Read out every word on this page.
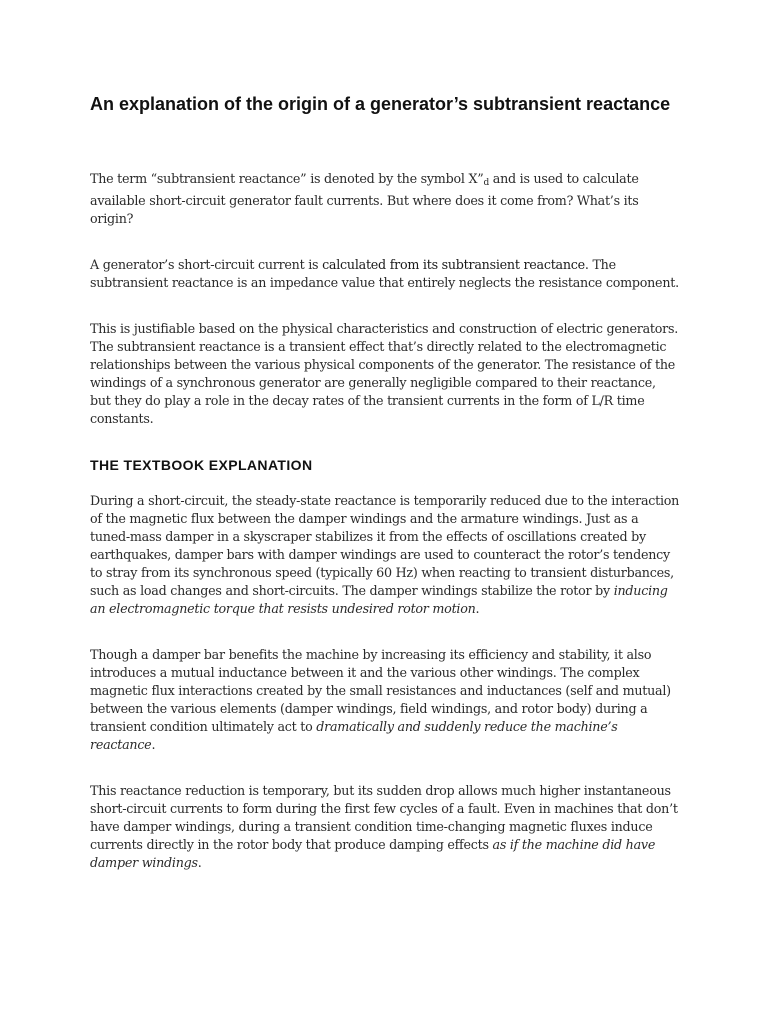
An explanation of the origin of a generator’s subtransient reactance

The term “subtransient reactance” is denoted by the symbol $X”_d$ and is used to calculate available short-circuit generator fault currents. But where does it come from? What’s its origin?

A generator’s short-circuit current is calculated from its subtransient reactance. The subtransient reactance is an impedance value that entirely neglects the resistance component.

This is justifiable based on the physical characteristics and construction of electric generators. The subtransient reactance is a transient effect that’s directly related to the electromagnetic relationships between the various physical components of the generator. The resistance of the windings of a synchronous generator are generally negligible compared to their reactance, but they do play a role in the decay rates of the transient currents in the form of L/R time constants.

THE TEXTBOOK EXPLANATION

During a short-circuit, the steady-state reactance is temporarily reduced due to the interaction of the magnetic flux between the damper windings and the armature windings. Just as a tuned-mass damper in a skyscraper stabilizes it from the effects of oscillations created by earthquakes, damper bars with damper windings are used to counteract the rotor’s tendency to stray from its synchronous speed (typically 60 Hz) when reacting to transient disturbances, such as load changes and short-circuits. The damper windings stabilize the rotor by inducing an electromagnetic torque that resists undesired rotor motion.

Though a damper bar benefits the machine by increasing its efficiency and stability, it also introduces a mutual inductance between it and the various other windings. The complex magnetic flux interactions created by the small resistances and inductances (self and mutual) between the various elements (damper windings, field windings, and rotor body) during a transient condition ultimately act to dramatically and suddenly reduce the machine’s reactance.

This reactance reduction is temporary, but its sudden drop allows much higher instantaneous short-circuit currents to form during the first few cycles of a fault. Even in machines that don’t have damper windings, during a transient condition time-changing magnetic fluxes induce currents directly in the rotor body that produce damping effects as if the machine did have damper windings.
